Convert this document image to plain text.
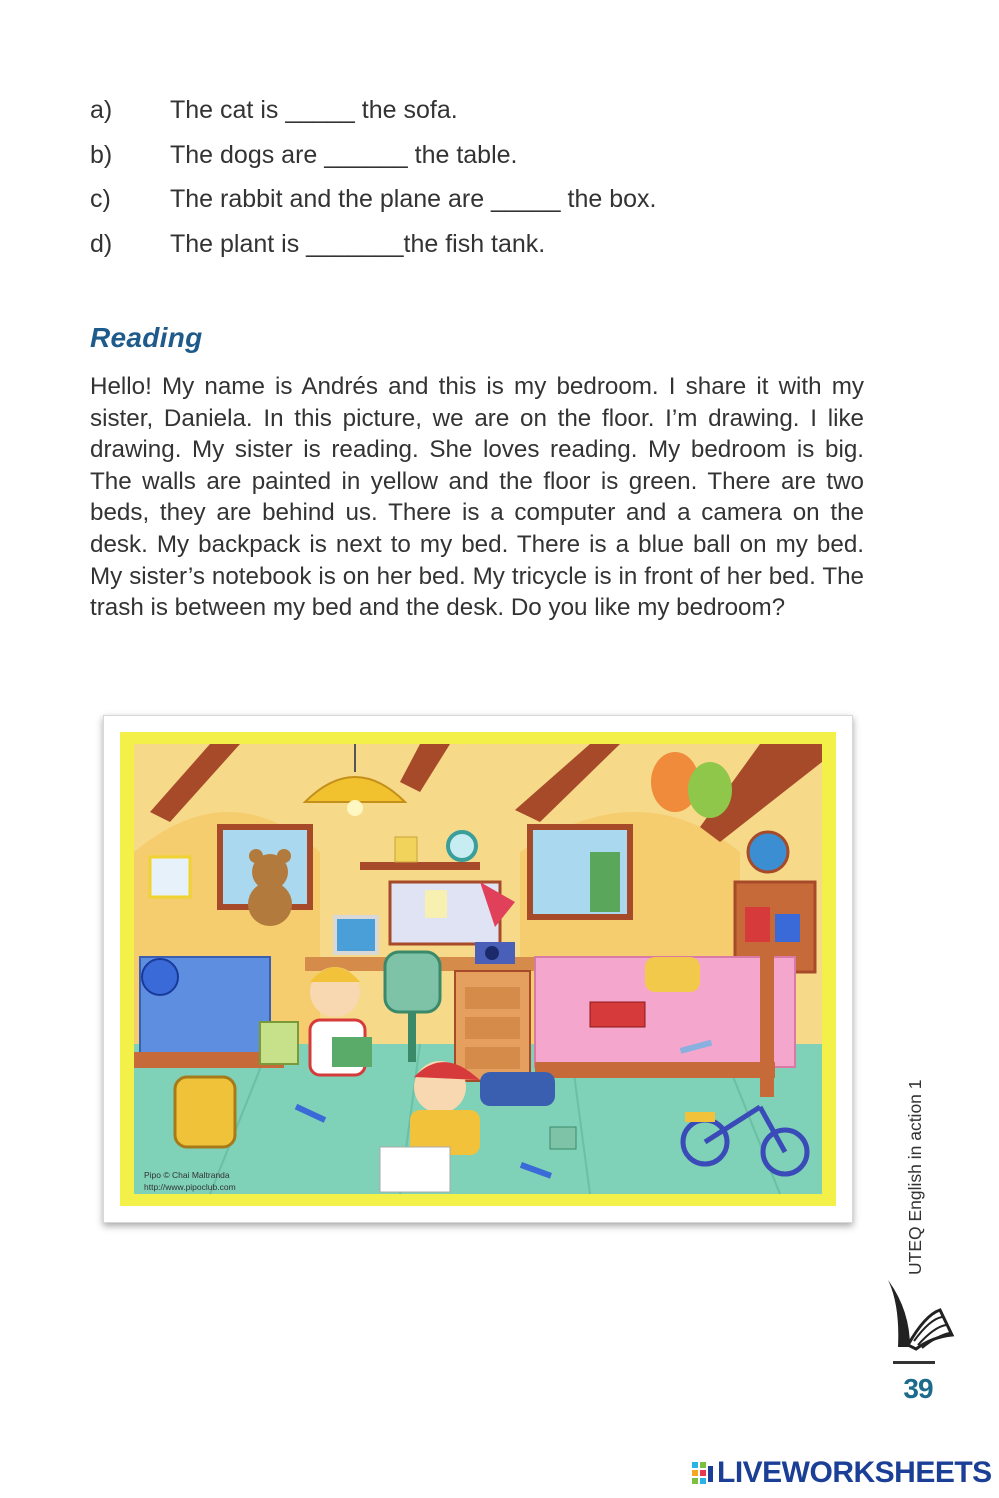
a)	The cat is _____ the sofa.
b)	The dogs are ______ the table.
c)	The rabbit and the plane are _____ the box.
d)	The plant is _______the fish tank.
Reading

Hello! My name is Andrés and this is my bedroom. I share it with my sister, Daniela. In this picture, we are on the floor. I’m drawing. I like drawing. My sister is reading. She loves reading. My bedroom is big. The walls are painted in yellow and the floor is green. There are two beds, they are behind us. There is a computer and a camera on the desk. My backpack is next to my bed. There is a blue ball on my bed. My sister’s notebook is on her bed. My tricycle is in front of her bed. The trash is between my bed and the desk. Do you like my bedroom?

Pipo © Chai Maltranda
http://www.pipoclub.com	UTEQ English in action 1
39
LIVEWORKSHEETS
